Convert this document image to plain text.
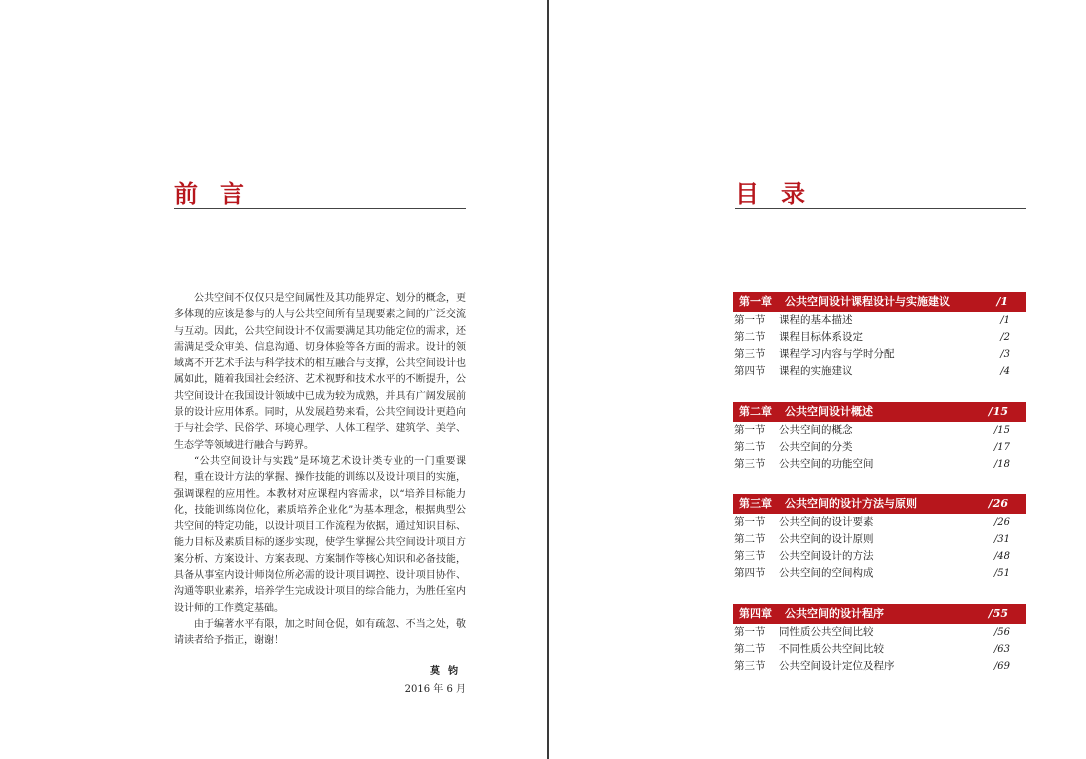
前 言

公共空间不仅仅只是空间属性及其功能界定、划分的概念，更多体现的应该是参与的人与公共空间所有呈现要素之间的广泛交流与互动。因此，公共空间设计不仅需要满足其功能定位的需求，还需满足受众审美、信息沟通、切身体验等各方面的需求。设计的领域离不开艺术手法与科学技术的相互融合与支撑，公共空间设计也属如此，随着我国社会经济、艺术视野和技术水平的不断提升，公共空间设计在我国设计领域中已成为较为成熟，并具有广阔发展前景的设计应用体系。同时，从发展趋势来看，公共空间设计更趋向于与社会学、民俗学、环境心理学、人体工程学、建筑学、美学、生态学等领域进行融合与跨界。

“公共空间设计与实践”是环境艺术设计类专业的一门重要课程，重在设计方法的掌握、操作技能的训练以及设计项目的实施，强调课程的应用性。本教材对应课程内容需求，以“培养目标能力化，技能训练岗位化，素质培养企业化”为基本理念，根据典型公共空间的特定功能，以设计项目工作流程为依据，通过知识目标、能力目标及素质目标的逐步实现，使学生掌握公共空间设计项目方案分析、方案设计、方案表现、方案制作等核心知识和必备技能，具备从事室内设计师岗位所必需的设计项目调控、设计项目协作、沟通等职业素养，培养学生完成设计项目的综合能力，为胜任室内设计师的工作奠定基础。

由于编著水平有限，加之时间仓促，如有疏忽、不当之处，敬请读者给予指正，谢谢！

莫钧
2016 年 6 月
目 录
第一章 公共空间设计课程设计与实施建议	/1
第一节 课程的基本描述	/1
第二节 课程目标体系设定	/2
第三节 课程学习内容与学时分配	/3
第四节 课程的实施建议	/4
第二章 公共空间设计概述	/15
第一节 公共空间的概念	/15
第二节 公共空间的分类	/17
第三节 公共空间的功能空间	/18
第三章 公共空间的设计方法与原则	/26
第一节 公共空间的设计要素	/26
第二节 公共空间的设计原则	/31
第三节 公共空间设计的方法	/48
第四节 公共空间的空间构成	/51
第四章 公共空间的设计程序	/55
第一节 同性质公共空间比较	/56
第二节 不同性质公共空间比较	/63
第三节 公共空间设计定位及程序	/69
